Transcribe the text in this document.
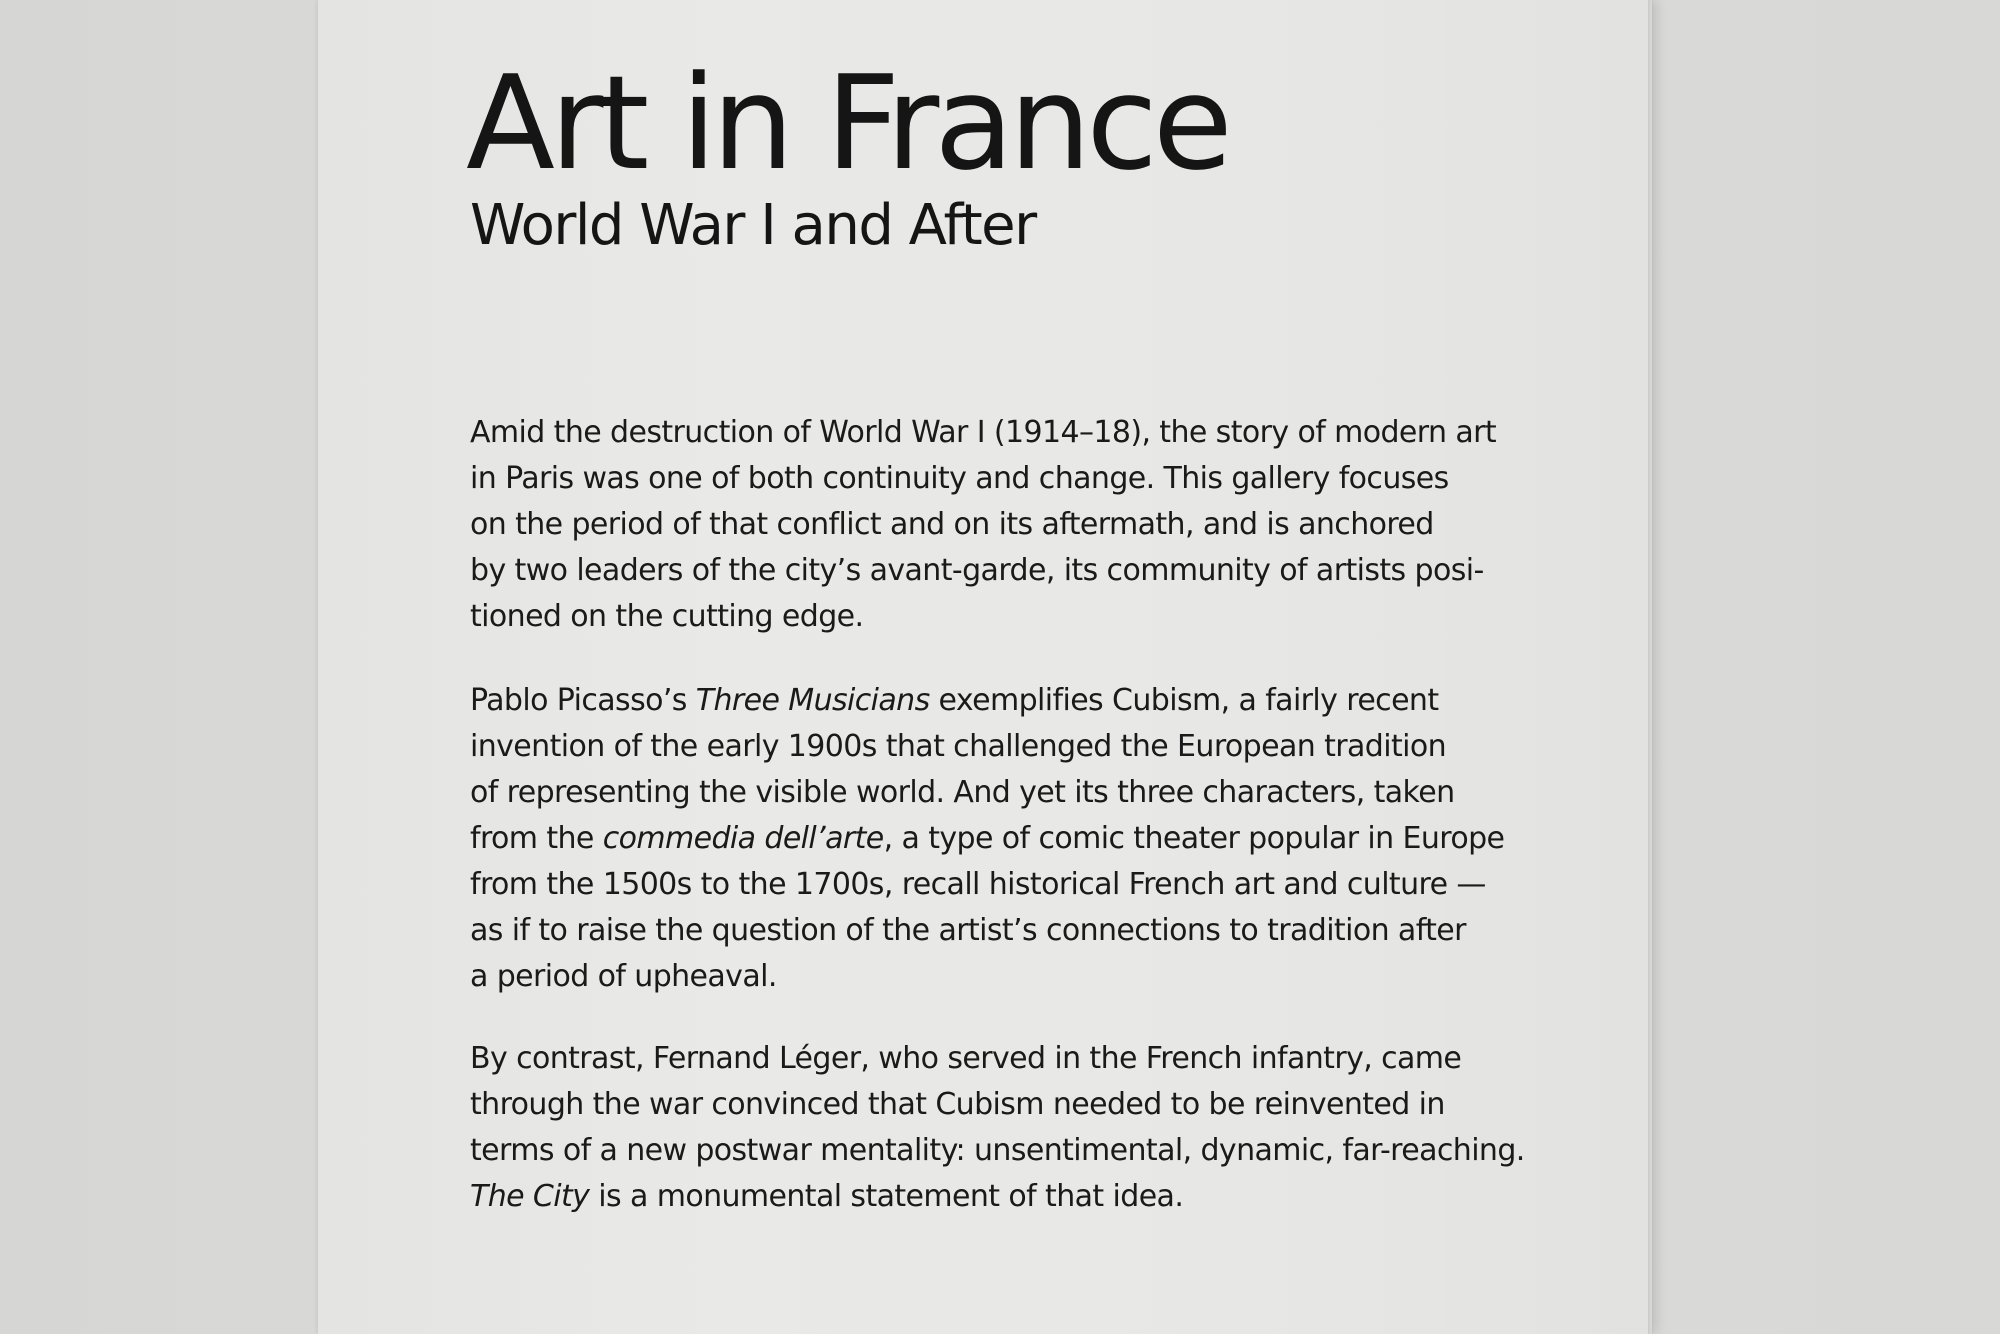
Art in France
World War I and After
Amid the destruction of World War I (1914–18), the story of modern art
in Paris was one of both continuity and change. This gallery focuses
on the period of that conflict and on its aftermath, and is anchored
by two leaders of the city’s avant-garde, its community of artists posi-
tioned on the cutting edge.
Pablo Picasso’s Three Musicians exemplifies Cubism, a fairly recent
invention of the early 1900s that challenged the European tradition
of representing the visible world. And yet its three characters, taken
from the commedia dell’arte, a type of comic theater popular in Europe
from the 1500s to the 1700s, recall historical French art and culture —
as if to raise the question of the artist’s connections to tradition after
a period of upheaval.
By contrast, Fernand Léger, who served in the French infantry, came
through the war convinced that Cubism needed to be reinvented in
terms of a new postwar mentality: unsentimental, dynamic, far-reaching.
The City is a monumental statement of that idea.
